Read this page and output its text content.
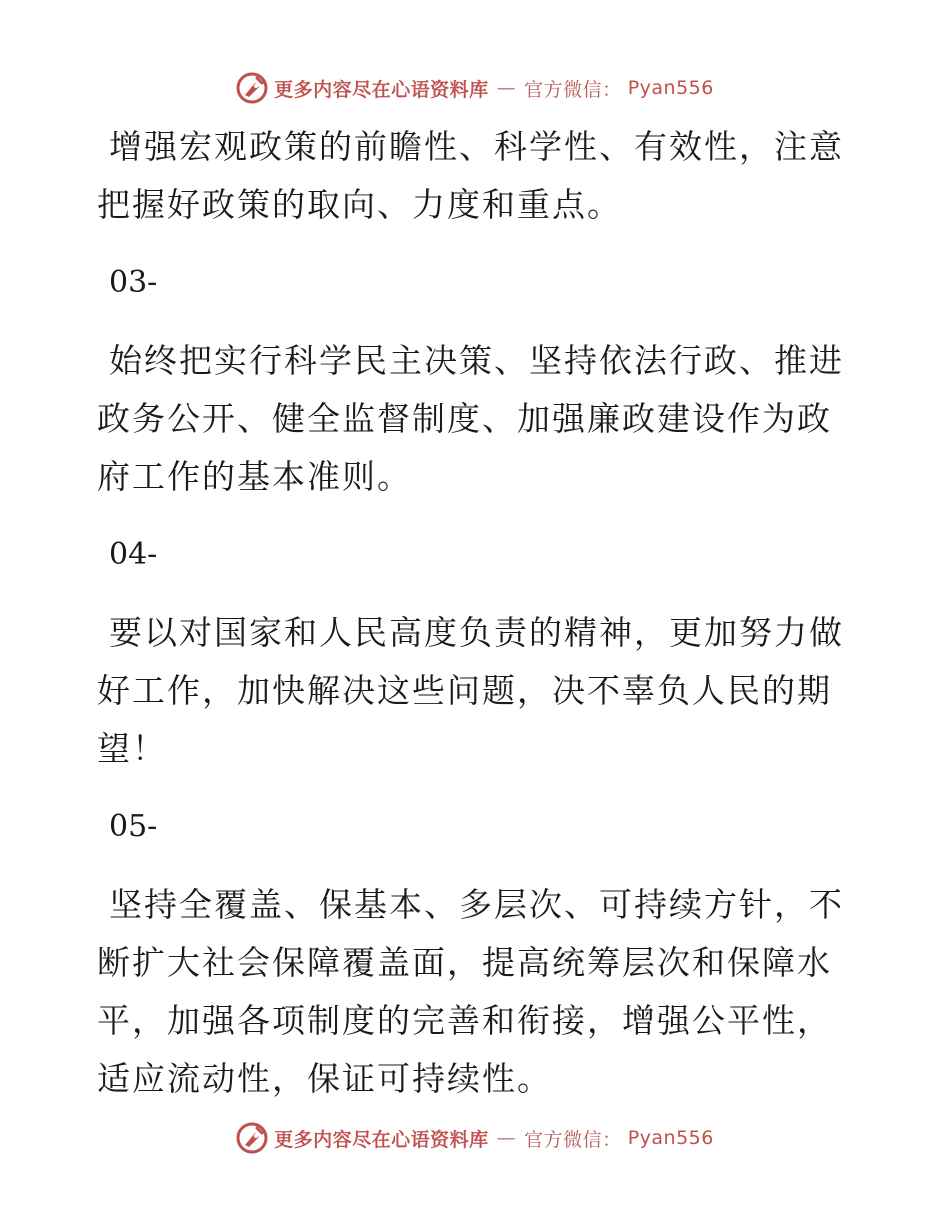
更多内容尽在心语资料库 — 官方微信： Pyan556

增强宏观政策的前瞻性、科学性、有效性，注意把握好政策的取向、力度和重点。

03-

始终把实行科学民主决策、坚持依法行政、推进政务公开、健全监督制度、加强廉政建设作为政府工作的基本准则。

04-

要以对国家和人民高度负责的精神，更加努力做好工作，加快解决这些问题，决不辜负人民的期望！

05-

坚持全覆盖、保基本、多层次、可持续方针，不断扩大社会保障覆盖面，提高统筹层次和保障水平，加强各项制度的完善和衔接，增强公平性，适应流动性，保证可持续性。

更多内容尽在心语资料库 — 官方微信： Pyan556
